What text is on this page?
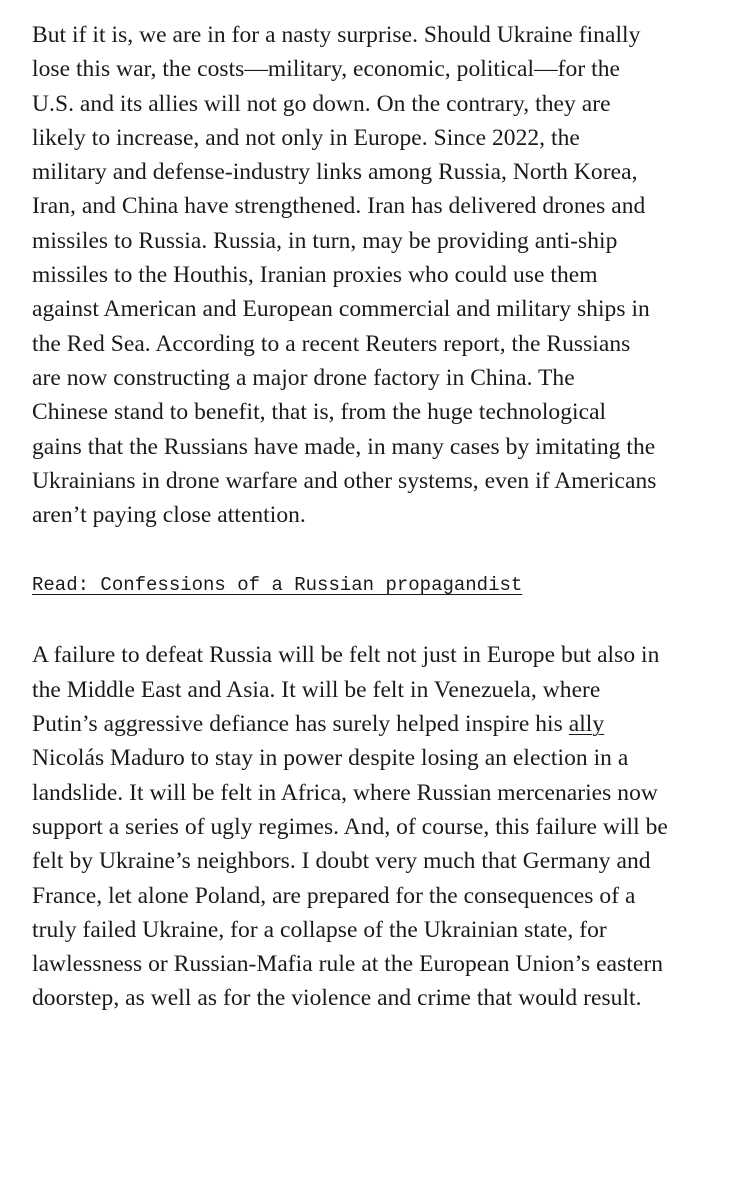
But if it is, we are in for a nasty surprise. Should Ukraine finally
lose this war, the costs—military, economic, political—for the
U.S. and its allies will not go down. On the contrary, they are
likely to increase, and not only in Europe. Since 2022, the
military and defense-industry links among Russia, North Korea,
Iran, and China have strengthened. Iran has delivered drones and
missiles to Russia. Russia, in turn, may be providing anti-ship
missiles to the Houthis, Iranian proxies who could use them
against American and European commercial and military ships in
the Red Sea. According to a recent Reuters report, the Russians
are now constructing a major drone factory in China. The
Chinese stand to benefit, that is, from the huge technological
gains that the Russians have made, in many cases by imitating the
Ukrainians in drone warfare and other systems, even if Americans
aren’t paying close attention.

Read: Confessions of a Russian propagandist

A failure to defeat Russia will be felt not just in Europe but also in
the Middle East and Asia. It will be felt in Venezuela, where
Putin’s aggressive defiance has surely helped inspire his ally
Nicolás Maduro to stay in power despite losing an election in a
landslide. It will be felt in Africa, where Russian mercenaries now
support a series of ugly regimes. And, of course, this failure will be
felt by Ukraine’s neighbors. I doubt very much that Germany and
France, let alone Poland, are prepared for the consequences of a
truly failed Ukraine, for a collapse of the Ukrainian state, for
lawlessness or Russian-Mafia rule at the European Union’s eastern
doorstep, as well as for the violence and crime that would result.
